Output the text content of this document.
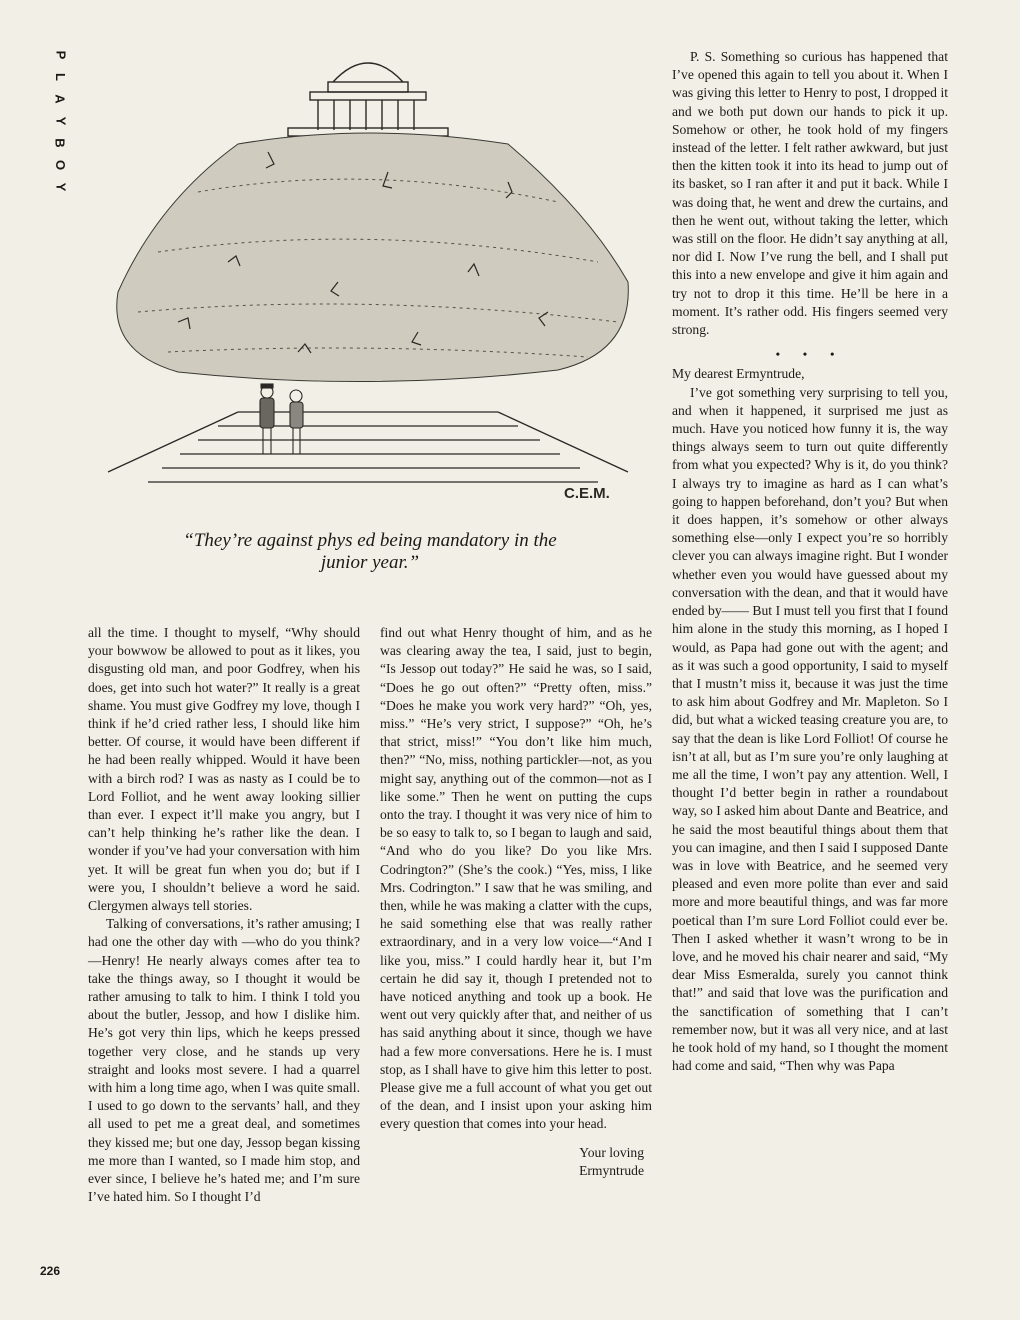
P
L
A
Y
B
O
Y
C.E.M.
“They’re against phys ed being mandatory in the junior year.”

all the time. I thought to myself, “Why should your bowwow be allowed to pout as it likes, you disgusting old man, and poor Godfrey, when his does, get into such hot water?” It really is a great shame. You must give Godfrey my love, though I think if he’d cried rather less, I should like him better. Of course, it would have been different if he had been really whipped. Would it have been with a birch rod? I was as nasty as I could be to Lord Folliot, and he went away looking sillier than ever. I expect it’ll make you angry, but I can’t help thinking he’s rather like the dean. I wonder if you’ve had your conversation with him yet. It will be great fun when you do; but if I were you, I shouldn’t believe a word he said. Clergymen always tell stories.

Talking of conversations, it’s rather amusing; I had one the other day with —who do you think?—Henry! He nearly always comes after tea to take the things away, so I thought it would be rather amusing to talk to him. I think I told you about the butler, Jessop, and how I dislike him. He’s got very thin lips, which he keeps pressed together very close, and he stands up very straight and looks most severe. I had a quarrel with him a long time ago, when I was quite small. I used to go down to the servants’ hall, and they all used to pet me a great deal, and sometimes they kissed me; but one day, Jessop began kissing me more than I wanted, so I made him stop, and ever since, I believe he’s hated me; and I’m sure I’ve hated him. So I thought I’d

find out what Henry thought of him, and as he was clearing away the tea, I said, just to begin, “Is Jessop out today?” He said he was, so I said, “Does he go out often?” “Pretty often, miss.” “Does he make you work very hard?” “Oh, yes, miss.” “He’s very strict, I suppose?” “Oh, he’s that strict, miss!” “You don’t like him much, then?” “No, miss, nothing partickler—not, as you might say, anything out of the common—not as I like some.” Then he went on putting the cups onto the tray. I thought it was very nice of him to be so easy to talk to, so I began to laugh and said, “And who do you like? Do you like Mrs. Codrington?” (She’s the cook.) “Yes, miss, I like Mrs. Codrington.” I saw that he was smiling, and then, while he was making a clatter with the cups, he said something else that was really rather extraordinary, and in a very low voice—“And I like you, miss.” I could hardly hear it, but I’m certain he did say it, though I pretended not to have noticed anything and took up a book. He went out very quickly after that, and neither of us has said anything about it since, though we have had a few more conversations. Here he is. I must stop, as I shall have to give him this letter to post. Please give me a full account of what you get out of the dean, and I insist upon your asking him every question that comes into your head.

Your loving
Ermyntrude

P. S. Something so curious has happened that I’ve opened this again to tell you about it. When I was giving this letter to Henry to post, I dropped it and we both put down our hands to pick it up. Somehow or other, he took hold of my fingers instead of the letter. I felt rather awkward, but just then the kitten took it into its head to jump out of its basket, so I ran after it and put it back. While I was doing that, he went and drew the curtains, and then he went out, without taking the letter, which was still on the floor. He didn’t say anything at all, nor did I. Now I’ve rung the bell, and I shall put this into a new envelope and give it him again and try not to drop it this time. He’ll be here in a moment. It’s rather odd. His fingers seemed very strong.

• • •
My dearest Ermyntrude,

I’ve got something very surprising to tell you, and when it happened, it surprised me just as much. Have you noticed how funny it is, the way things always seem to turn out quite differently from what you expected? Why is it, do you think? I always try to imagine as hard as I can what’s going to happen beforehand, don’t you? But when it does happen, it’s somehow or other always something else—only I expect you’re so horribly clever you can always imagine right. But I wonder whether even you would have guessed about my conversation with the dean, and that it would have ended by—— But I must tell you first that I found him alone in the study this morning, as I hoped I would, as Papa had gone out with the agent; and as it was such a good opportunity, I said to myself that I mustn’t miss it, because it was just the time to ask him about Godfrey and Mr. Mapleton. So I did, but what a wicked teasing creature you are, to say that the dean is like Lord Folliot! Of course he isn’t at all, but as I’m sure you’re only laughing at me all the time, I won’t pay any attention. Well, I thought I’d better begin in rather a roundabout way, so I asked him about Dante and Beatrice, and he said the most beautiful things about them that you can imagine, and then I said I supposed Dante was in love with Beatrice, and he seemed very pleased and even more polite than ever and said more and more beautiful things, and was far more poetical than I’m sure Lord Folliot could ever be. Then I asked whether it wasn’t wrong to be in love, and he moved his chair nearer and said, “My dear Miss Esmeralda, surely you cannot think that!” and said that love was the purification and the sanctification of something that I can’t remember now, but it was all very nice, and at last he took hold of my hand, so I thought the moment had come and said, “Then why was Papa

226
